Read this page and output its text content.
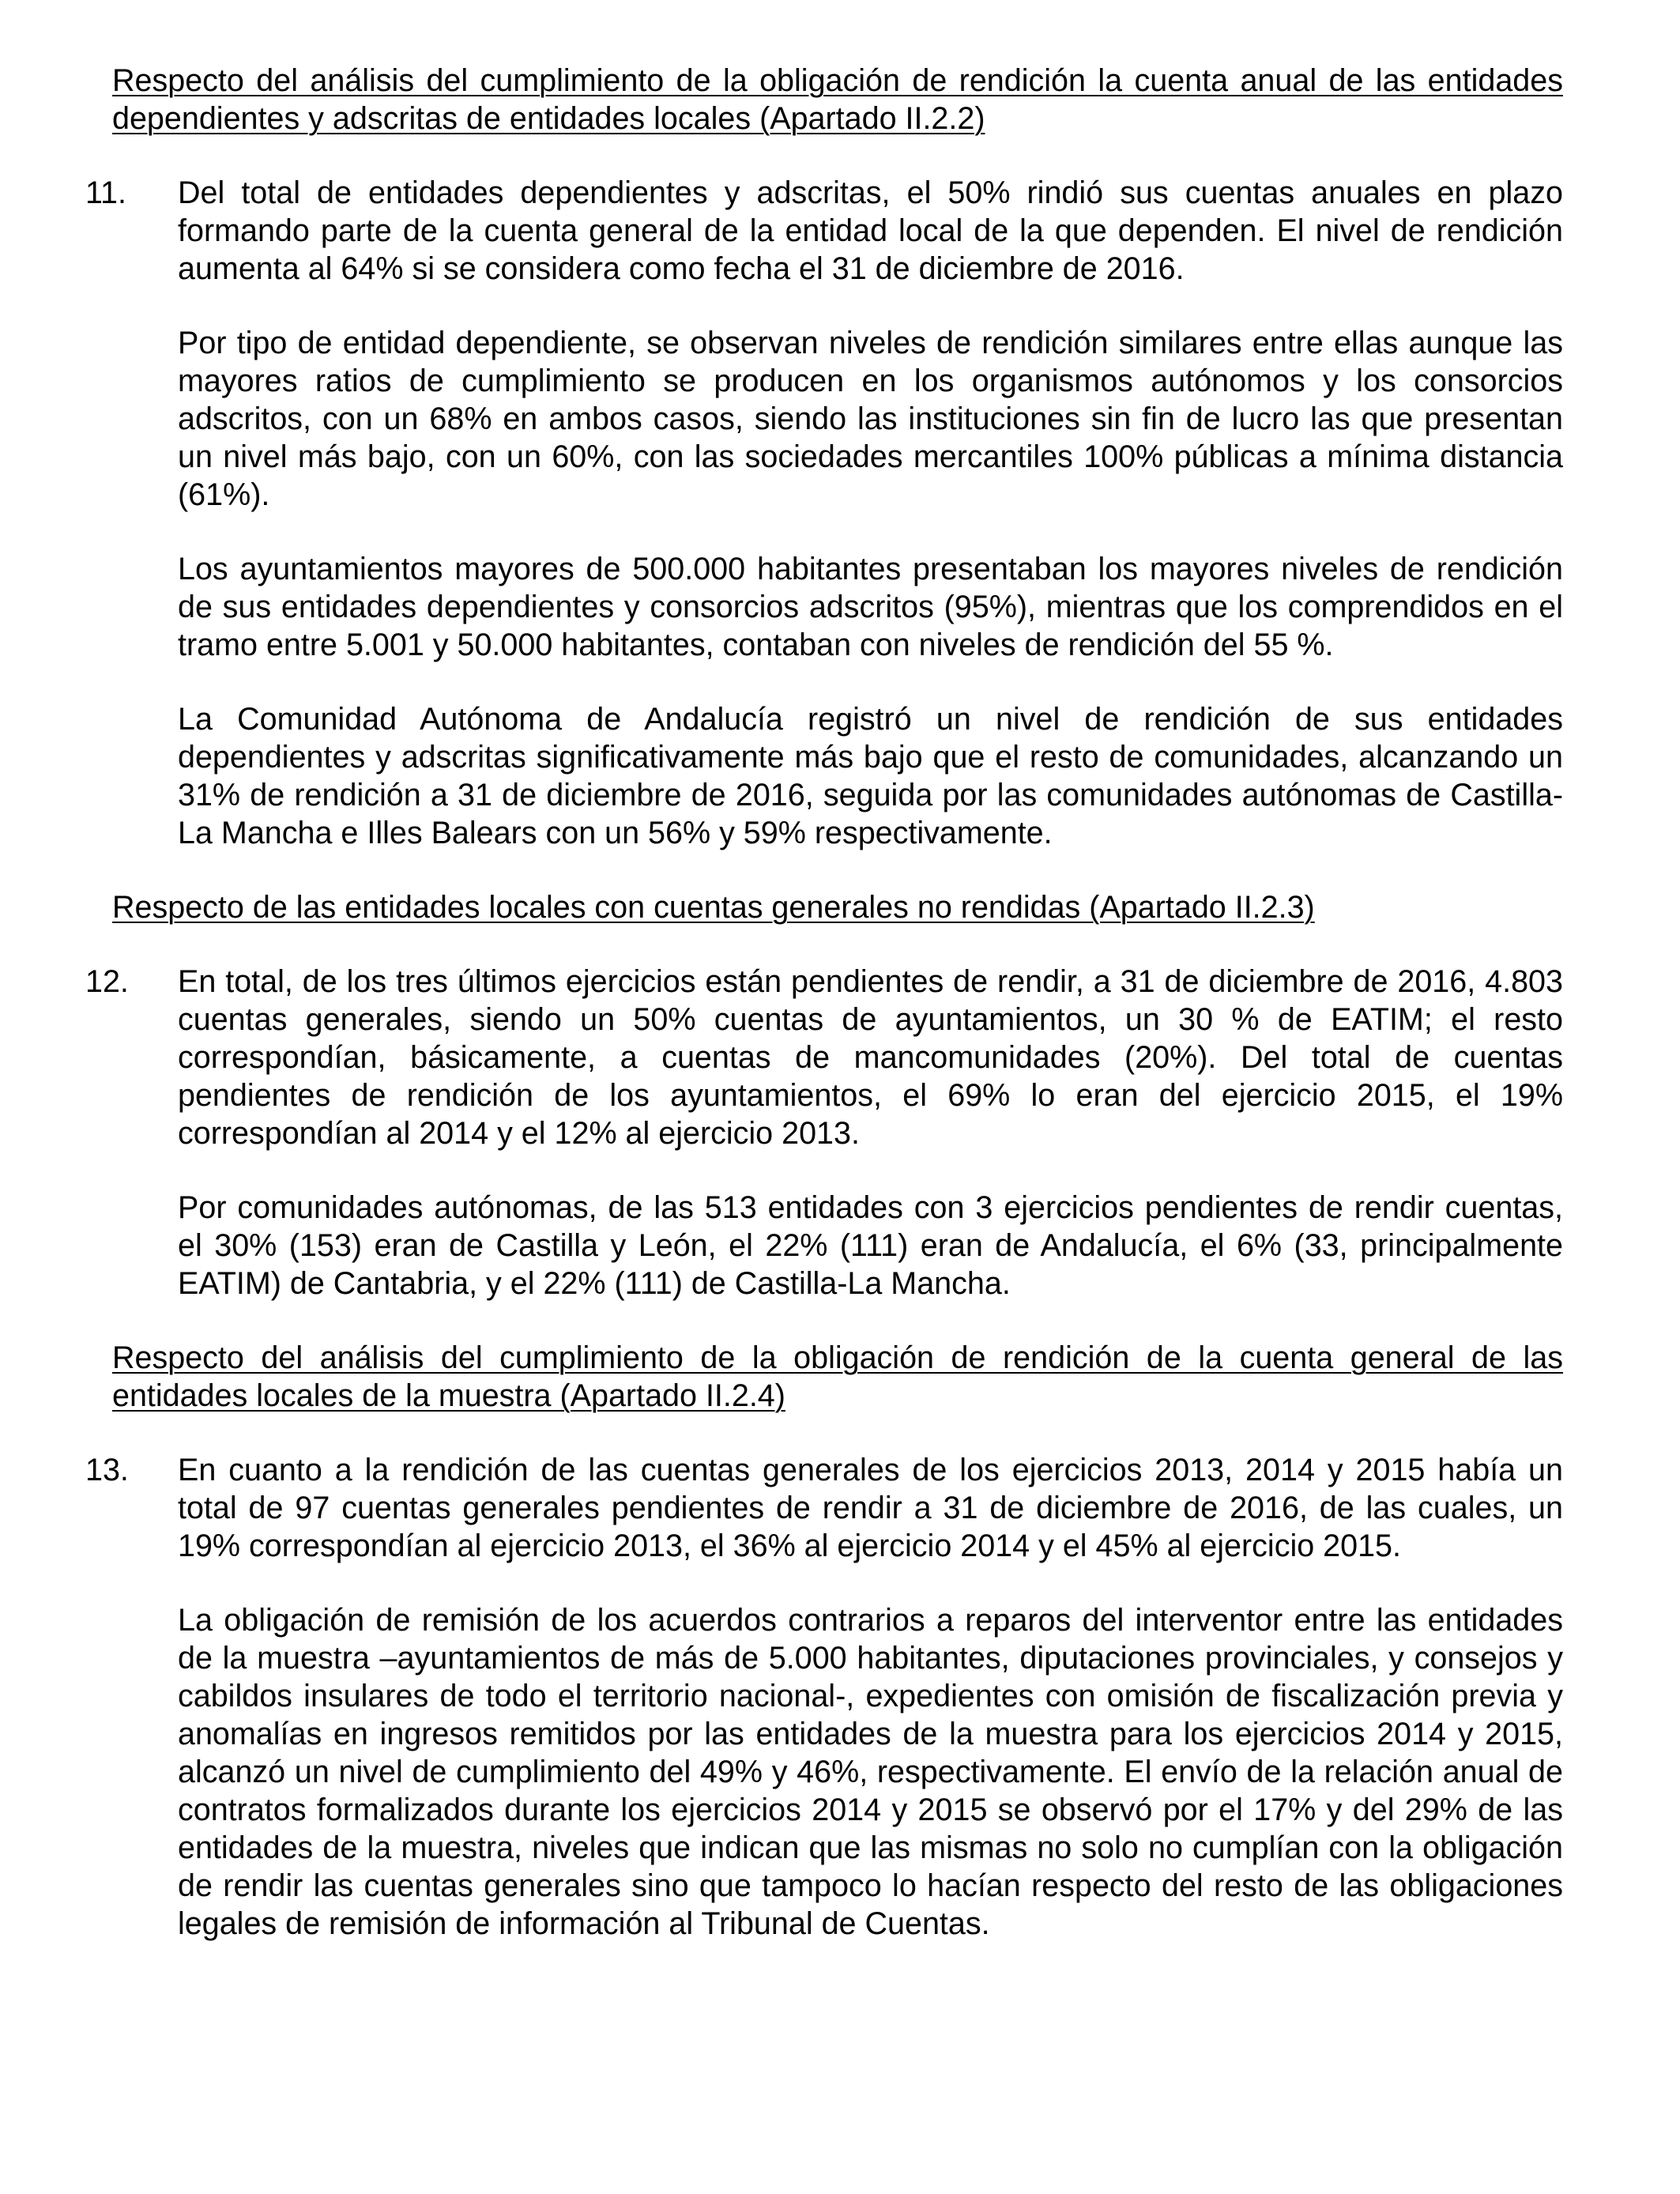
Respecto del análisis del cumplimiento de la obligación de rendición la cuenta anual de las entidades dependientes y adscritas de entidades locales (Apartado II.2.2)

11. Del total de entidades dependientes y adscritas, el 50% rindió sus cuentas anuales en plazo formando parte de la cuenta general de la entidad local de la que dependen. El nivel de rendición aumenta al 64% si se considera como fecha el 31 de diciembre de 2016.

Por tipo de entidad dependiente, se observan niveles de rendición similares entre ellas aunque las mayores ratios de cumplimiento se producen en los organismos autónomos y los consorcios adscritos, con un 68% en ambos casos, siendo las instituciones sin fin de lucro las que presentan un nivel más bajo, con un 60%, con las sociedades mercantiles 100% públicas a mínima distancia (61%).

Los ayuntamientos mayores de 500.000 habitantes presentaban los mayores niveles de rendición de sus entidades dependientes y consorcios adscritos (95%), mientras que los comprendidos en el tramo entre 5.001 y 50.000 habitantes, contaban con niveles de rendición del 55 %.

La Comunidad Autónoma de Andalucía registró un nivel de rendición de sus entidades dependientes y adscritas significativamente más bajo que el resto de comunidades, alcanzando un 31% de rendición a 31 de diciembre de 2016, seguida por las comunidades autónomas de Castilla-La Mancha e Illes Balears con un 56% y 59% respectivamente.

Respecto de las entidades locales con cuentas generales no rendidas (Apartado II.2.3)

12. En total, de los tres últimos ejercicios están pendientes de rendir, a 31 de diciembre de 2016, 4.803 cuentas generales, siendo un 50% cuentas de ayuntamientos, un 30 % de EATIM; el resto correspondían, básicamente, a cuentas de mancomunidades (20%). Del total de cuentas pendientes de rendición de los ayuntamientos, el 69% lo eran del ejercicio 2015, el 19% correspondían al 2014 y el 12% al ejercicio 2013.

Por comunidades autónomas, de las 513 entidades con 3 ejercicios pendientes de rendir cuentas, el 30% (153) eran de Castilla y León, el 22% (111) eran de Andalucía, el 6% (33, principalmente EATIM) de Cantabria, y el 22% (111) de Castilla-La Mancha.

Respecto del análisis del cumplimiento de la obligación de rendición de la cuenta general de las entidades locales de la muestra (Apartado II.2.4)

13. En cuanto a la rendición de las cuentas generales de los ejercicios 2013, 2014 y 2015 había un total de 97 cuentas generales pendientes de rendir a 31 de diciembre de 2016, de las cuales, un 19% correspondían al ejercicio 2013, el 36% al ejercicio 2014 y el 45% al ejercicio 2015.

La obligación de remisión de los acuerdos contrarios a reparos del interventor entre las entidades de la muestra –ayuntamientos de más de 5.000 habitantes, diputaciones provinciales, y consejos y cabildos insulares de todo el territorio nacional-, expedientes con omisión de fiscalización previa y anomalías en ingresos remitidos por las entidades de la muestra para los ejercicios 2014 y 2015, alcanzó un nivel de cumplimiento del 49% y 46%, respectivamente. El envío de la relación anual de contratos formalizados durante los ejercicios 2014 y 2015 se observó por el 17% y del 29% de las entidades de la muestra, niveles que indican que las mismas no solo no cumplían con la obligación de rendir las cuentas generales sino que tampoco lo hacían respecto del resto de las obligaciones legales de remisión de información al Tribunal de Cuentas.
